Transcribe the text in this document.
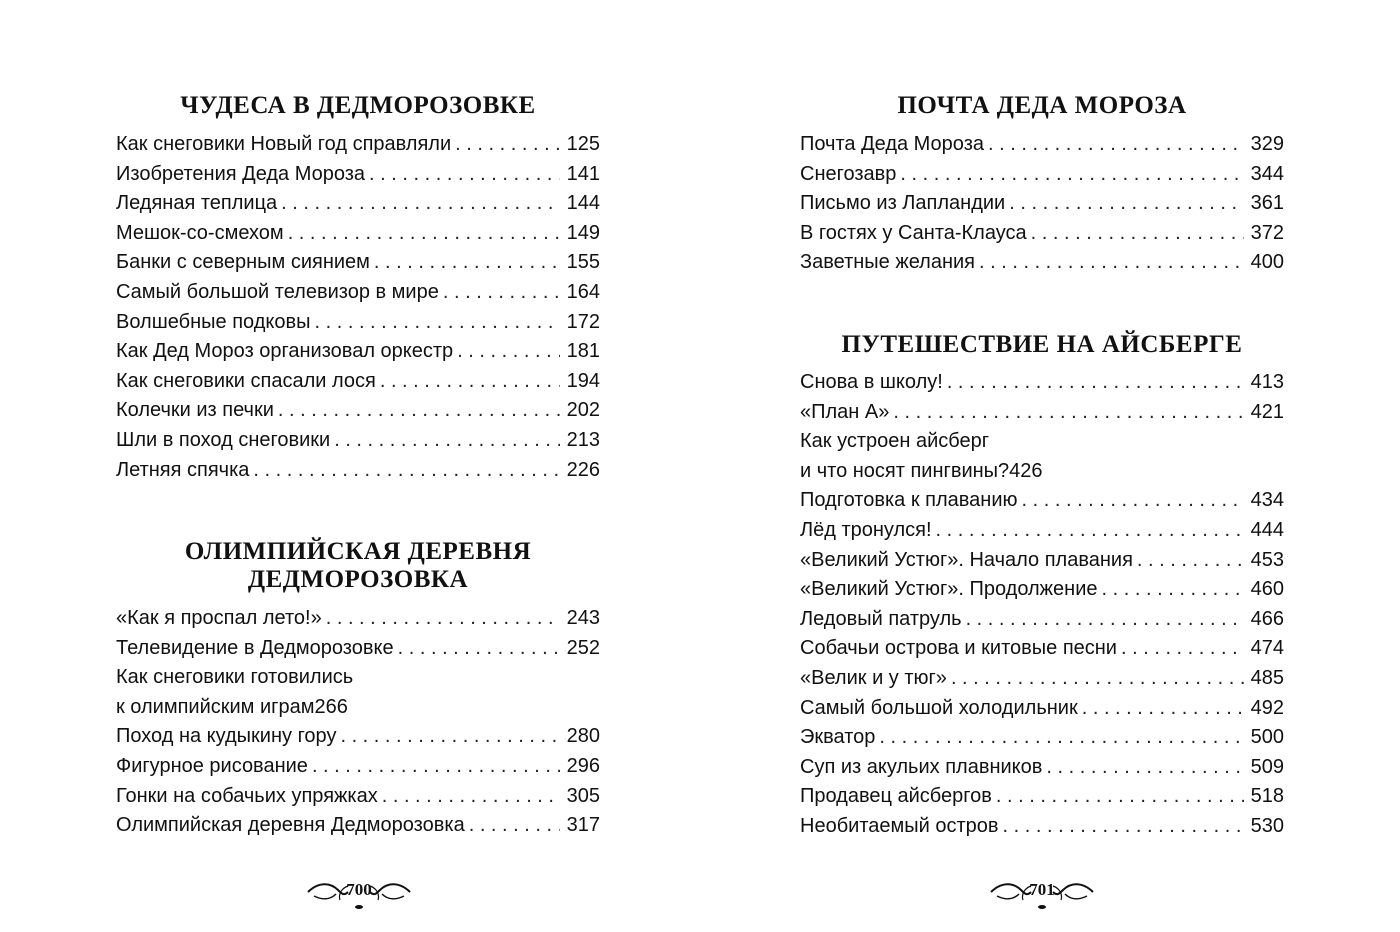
ЧУДЕСА В ДЕДМОРОЗОВКЕ
Как снеговики Новый год справляли . . .	125
Изобретения Деда Мороза . . .	141
Ледяная теплица . . .	144
Мешок-со-смехом . . .	149
Банки с северным сиянием . . .	155
Самый большой телевизор в мире . . .	164
Волшебные подковы . . .	172
Как Дед Мороз организовал оркестр . . .	181
Как снеговики спасали лося . . .	194
Колечки из печки . . .	202
Шли в поход снеговики . . .	213
Летняя спячка . . .	226
ОЛИМПИЙСКАЯ ДЕРЕВНЯ
ДЕДМОРОЗОВКА
«Как я проспал лето!» . . .	243
Телевидение в Дедморозовке . . .	252
Как снеговики готовились
к олимпийским играм 266
Поход на кудыкину гору . . .	280
Фигурное рисование . . .	296
Гонки на собачьих упряжках . . .	305
Олимпийская деревня Дедморозовка . . .	317
ПОЧТА ДЕДА МОРОЗА
Почта Деда Мороза . . .	329
Снегозавр . . .	344
Письмо из Лапландии . . .	361
В гостях у Санта-Клауса . . .	372
Заветные желания . . .	400
ПУТЕШЕСТВИЕ НА АЙСБЕРГЕ
Снова в школу! . . .	413
«План А» . . .	421
Как устроен айсберг
и что носят пингвины? 426
Подготовка к плаванию . . .	434
Лёд тронулся! . . .	444
«Великий Устюг». Начало плавания . . .	453
«Великий Устюг». Продолжение . . .	460
Ледовый патруль . . .	466
Собачьи острова и китовые песни . . .	474
«Велик и у тюг» . . .	485
Самый большой холодильник . . .	492
Экватор . . .	500
Суп из акульих плавников . . .	509
Продавец айсбергов . . .	518
Необитаемый остров . . .	530
700	701
